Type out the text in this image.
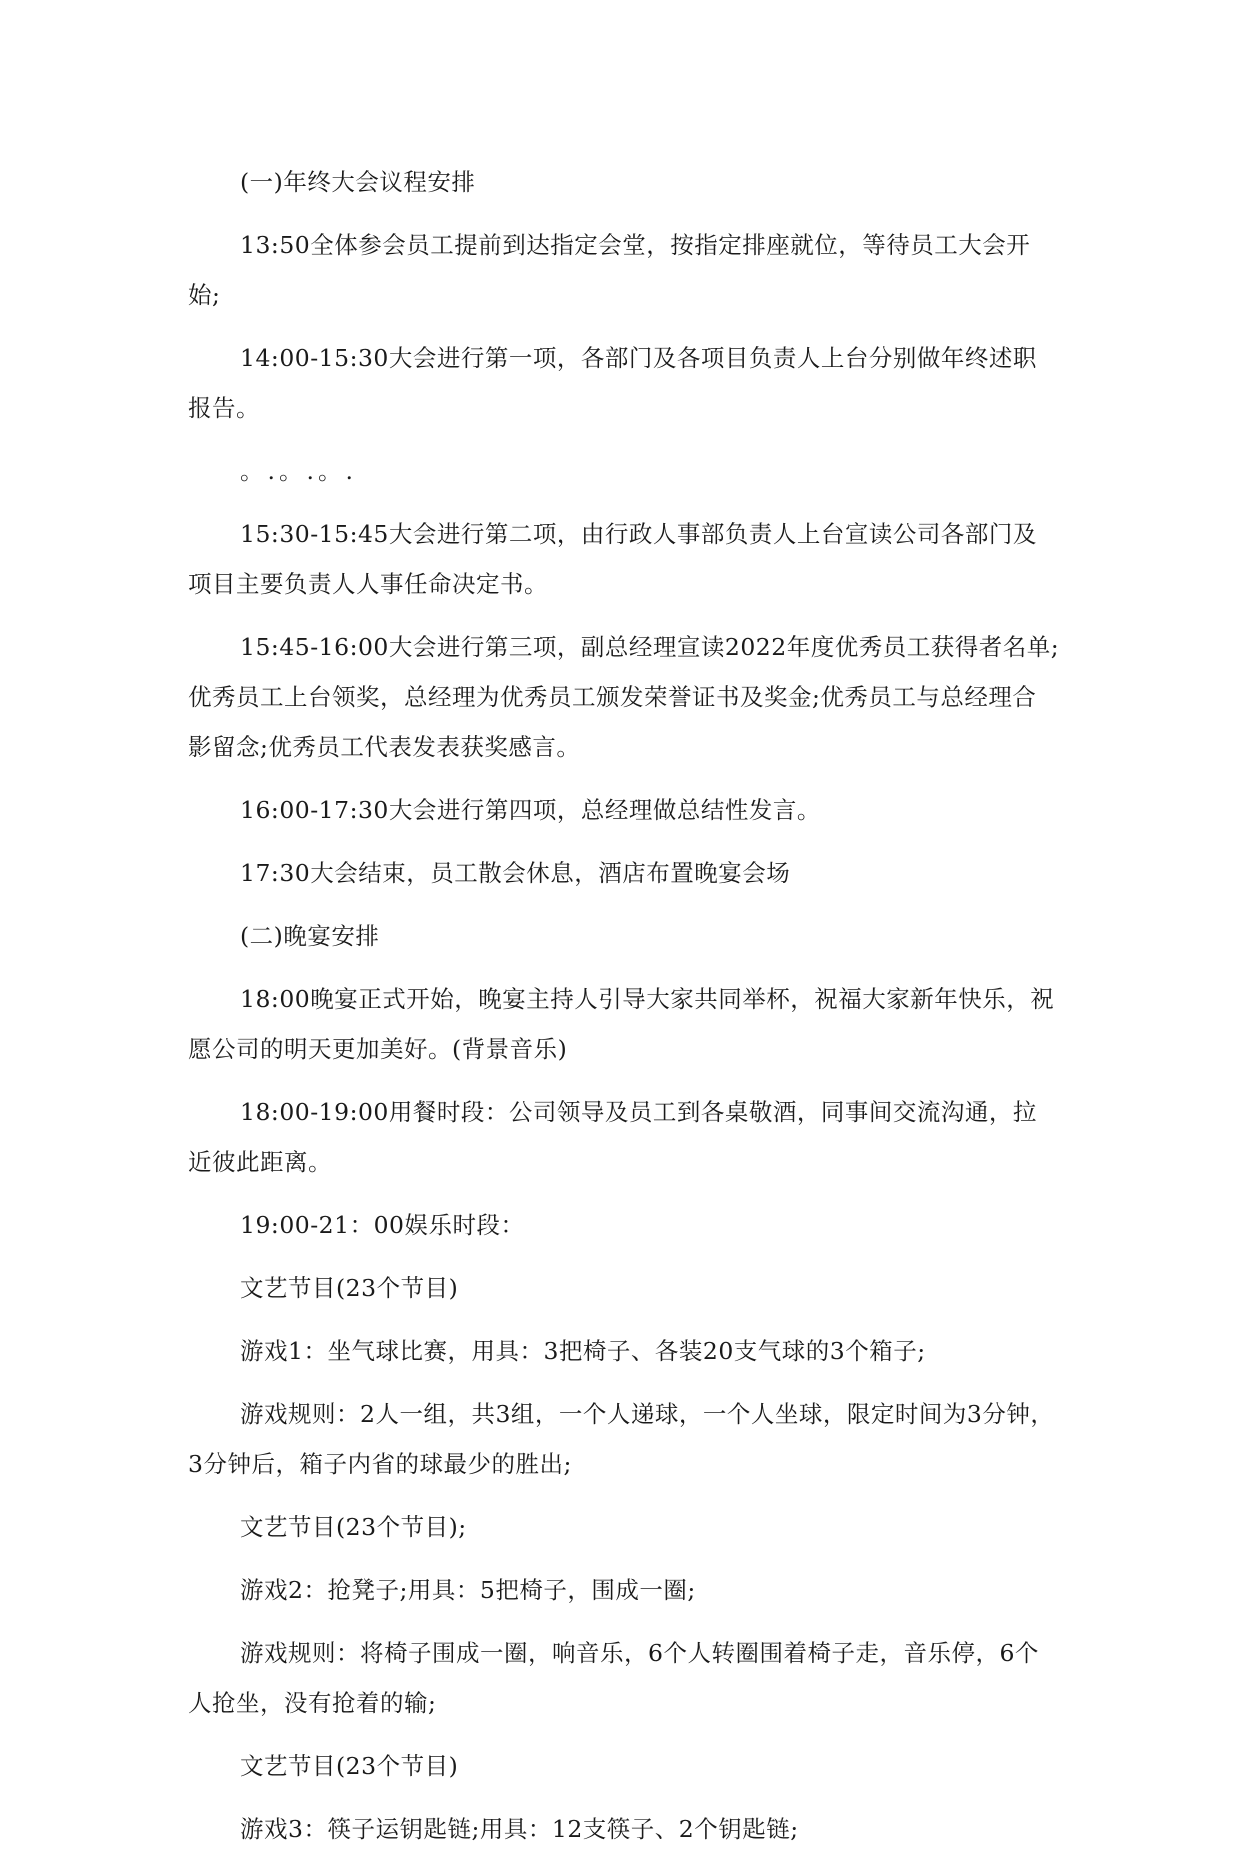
(一)年终大会议程安排

13:50全体参会员工提前到达指定会堂，按指定排座就位，等待员工大会开始;

14:00-15:30大会进行第一项，各部门及各项目负责人上台分别做年终述职报告。

。.。.。.

15:30-15:45大会进行第二项，由行政人事部负责人上台宣读公司各部门及项目主要负责人人事任命决定书。

15:45-16:00大会进行第三项，副总经理宣读2022年度优秀员工获得者名单;优秀员工上台领奖，总经理为优秀员工颁发荣誉证书及奖金;优秀员工与总经理合影留念;优秀员工代表发表获奖感言。

16:00-17:30大会进行第四项，总经理做总结性发言。

17:30大会结束，员工散会休息，酒店布置晚宴会场

(二)晚宴安排

18:00晚宴正式开始，晚宴主持人引导大家共同举杯，祝福大家新年快乐，祝愿公司的明天更加美好。(背景音乐)

18:00-19:00用餐时段：公司领导及员工到各桌敬酒，同事间交流沟通，拉近彼此距离。

19:00-21：00娱乐时段：

文艺节目(23个节目)

游戏1：坐气球比赛，用具：3把椅子、各装20支气球的3个箱子;

游戏规则：2人一组，共3组，一个人递球，一个人坐球，限定时间为3分钟，3分钟后，箱子内省的球最少的胜出;

文艺节目(23个节目);

游戏2：抢凳子;用具：5把椅子，围成一圈;

游戏规则：将椅子围成一圈，响音乐，6个人转圈围着椅子走，音乐停，6个人抢坐，没有抢着的输;

文艺节目(23个节目)

游戏3：筷子运钥匙链;用具：12支筷子、2个钥匙链;
